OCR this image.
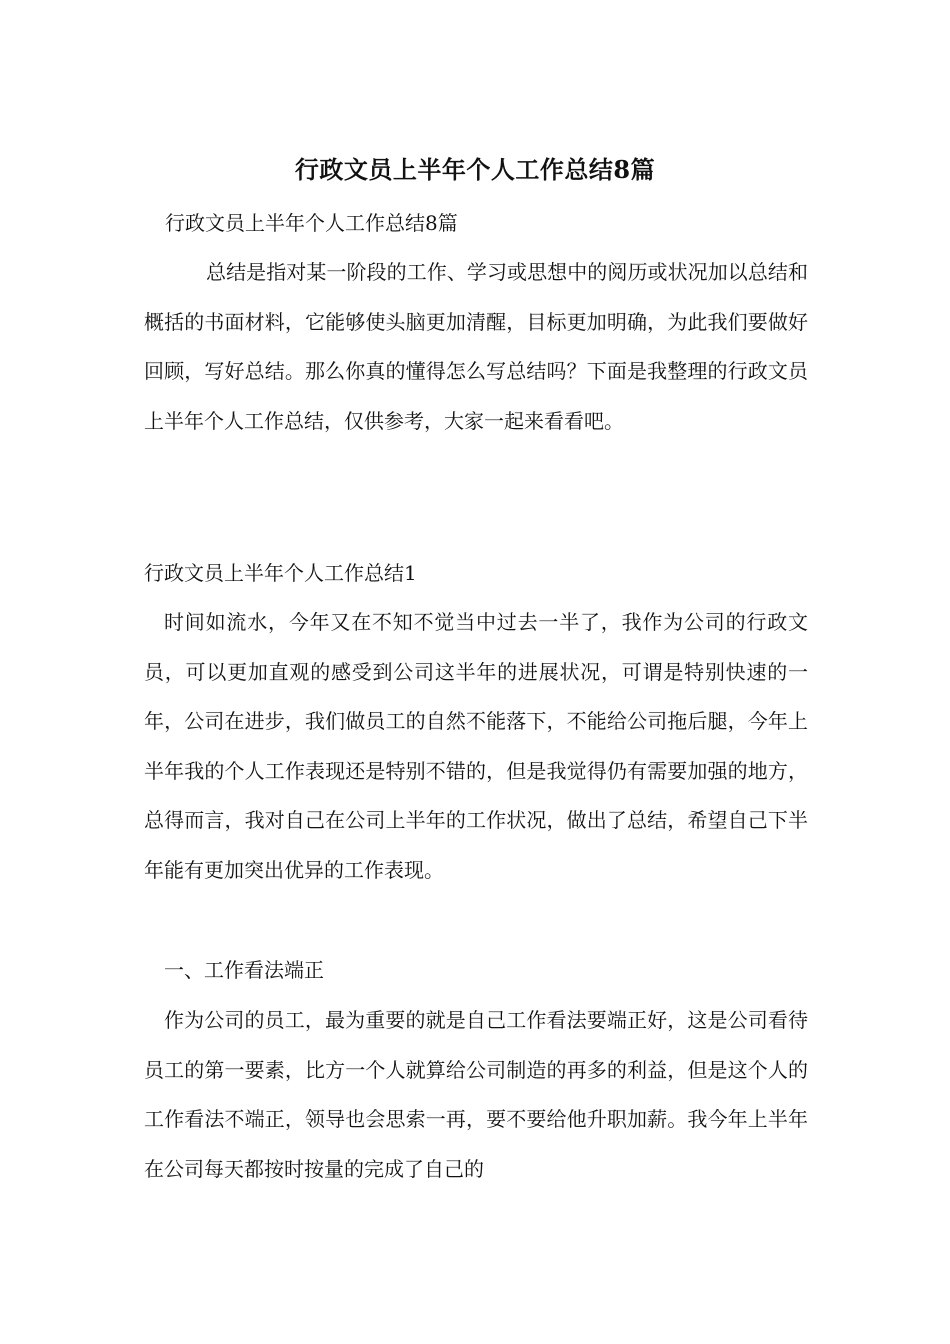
行政文员上半年个人工作总结8篇
行政文员上半年个人工作总结8篇

总结是指对某一阶段的工作、学习或思想中的阅历或状况加以总结和概括的书面材料，它能够使头脑更加清醒，目标更加明确，为此我们要做好回顾，写好总结。那么你真的懂得怎么写总结吗？下面是我整理的行政文员上半年个人工作总结，仅供参考，大家一起来看看吧。

行政文员上半年个人工作总结1

时间如流水，今年又在不知不觉当中过去一半了，我作为公司的行政文员，可以更加直观的感受到公司这半年的进展状况，可谓是特别快速的一年，公司在进步，我们做员工的自然不能落下，不能给公司拖后腿，今年上半年我的个人工作表现还是特别不错的，但是我觉得仍有需要加强的地方，总得而言，我对自己在公司上半年的工作状况，做出了总结，希望自己下半年能有更加突出优异的工作表现。

一、工作看法端正

作为公司的员工，最为重要的就是自己工作看法要端正好，这是公司看待员工的第一要素，比方一个人就算给公司制造的再多的利益，但是这个人的工作看法不端正，领导也会思索一再，要不要给他升职加薪。我今年上半年在公司每天都按时按量的完成了自己的
